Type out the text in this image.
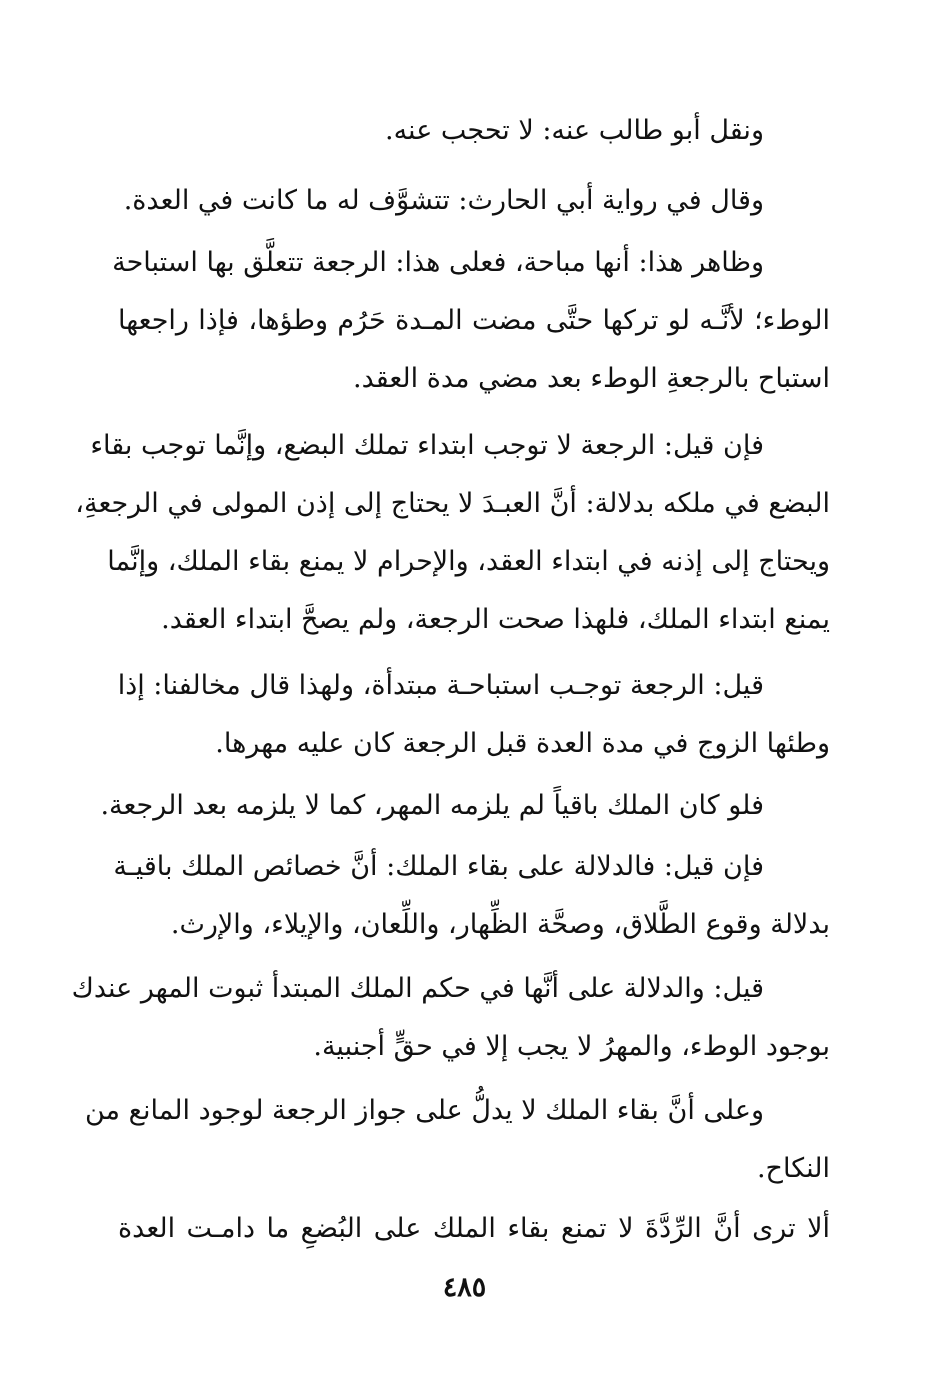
ونقل أبو طالب عنه: لا تحجب عنه.
وقال في رواية أبي الحارث: تتشوَّف له ما كانت في العدة.
وظاهر هذا: أنها مباحة، فعلى هذا: الرجعة تتعلَّق بها استباحة
الوطء؛ لأنَّـه لو تركها حتَّى مضت المـدة حَرُم وطؤها، فإذا راجعها
استباح بالرجعةِ الوطء بعد مضي مدة العقد.
فإن قيل: الرجعة لا توجب ابتداء تملك البضع، وإنَّما توجب بقاء
البضع في ملكه بدلالة: أنَّ العبـدَ لا يحتاج إلى إذن المولى في الرجعةِ،
ويحتاج إلى إذنه في ابتداء العقد، والإحرام لا يمنع بقاء الملك، وإنَّما
يمنع ابتداء الملك، فلهذا صحت الرجعة، ولم يصحَّ ابتداء العقد.
قيل: الرجعة توجـب استباحـة مبتدأة، ولهذا قال مخالفنا: إذا
وطئها الزوج في مدة العدة قبل الرجعة كان عليه مهرها.
فلو كان الملك باقياً لم يلزمه المهر، كما لا يلزمه بعد الرجعة.
فإن قيل: فالدلالة على بقاء الملك: أنَّ خصائص الملك باقيـة
بدلالة وقوع الطَّلاق، وصحَّة الظِّهار، واللِّعان، والإيلاء، والإرث.
قيل: والدلالة على أنَّها في حكم الملك المبتدأ ثبوت المهر عندك
بوجود الوطء، والمهرُ لا يجب إلا في حقٍّ أجنبية.
وعلى أنَّ بقاء الملك لا يدلُّ على جواز الرجعة لوجود المانع من
النكاح.
ألا ترى أنَّ الرِّدَّةَ لا تمنع بقاء الملك على البُضعِ ما دامـت العدة
٤٨٥
